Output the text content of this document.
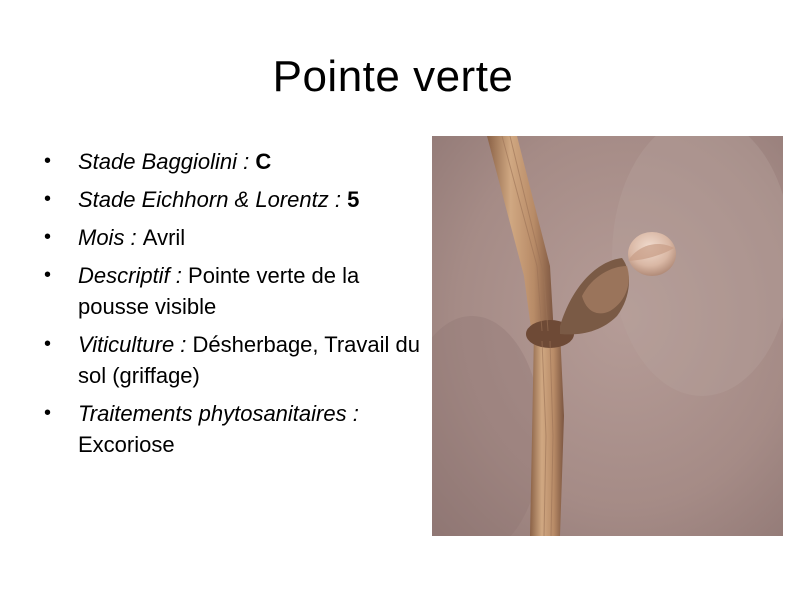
Pointe verte
•	Stade Baggiolini : C
•	Stade Eichhorn & Lorentz : 5
•	Mois : Avril
•	Descriptif : Pointe verte de la pousse visible
•	Viticulture : Désherbage, Travail du sol (griffage)
•	Traitements phytosanitaires : Excoriose
